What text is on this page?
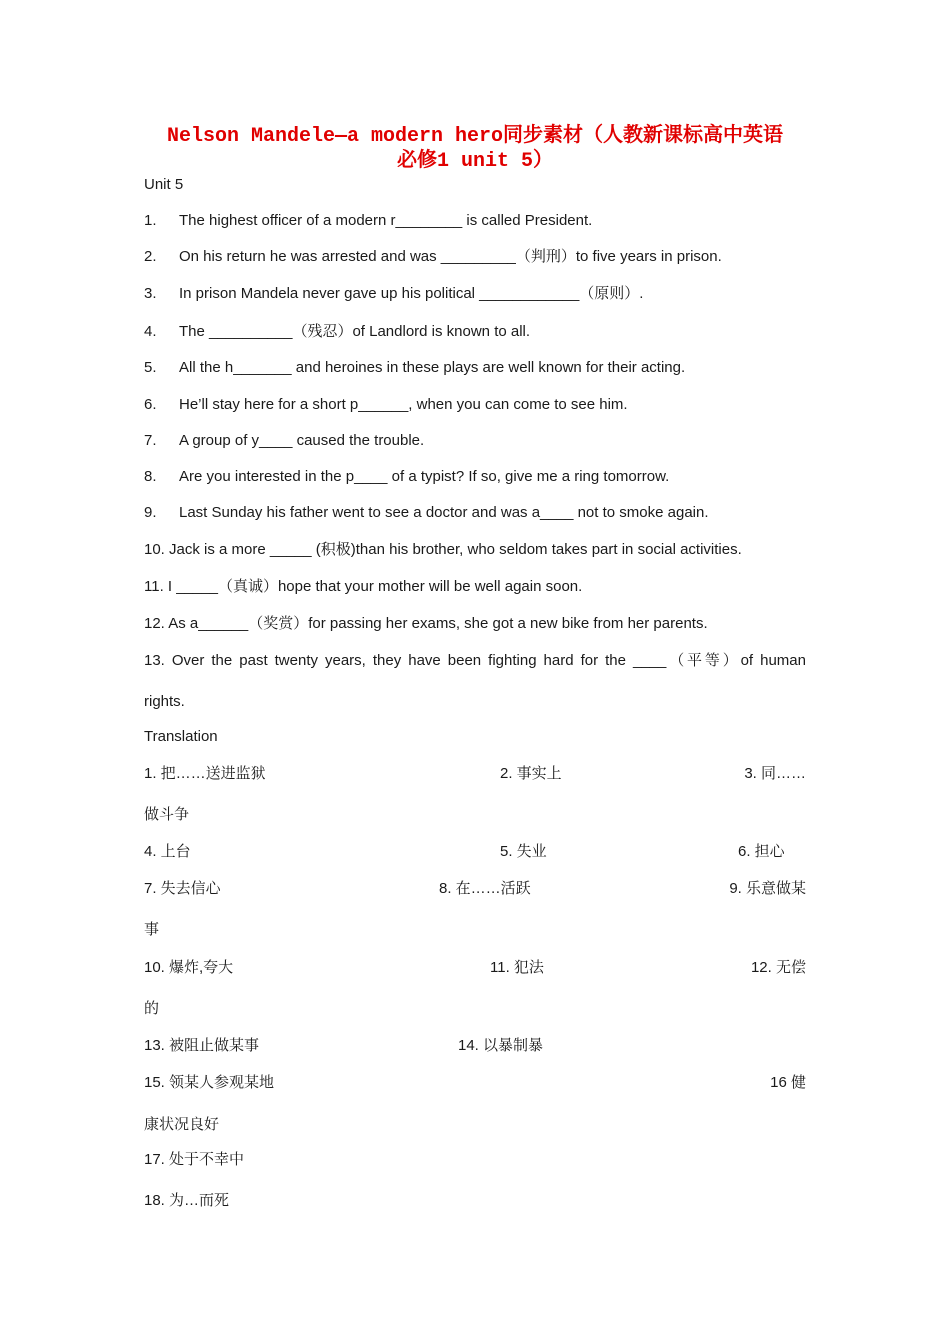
Nelson Mandele—a modern hero同步素材（人教新课标高中英语
必修1 unit 5）
Unit 5
1. The highest officer of a modern r________ is called President.
2. On his return he was arrested and was _________（判刑）to five years in prison.
3. In prison Mandela never gave up his political ____________（原则）.
4. The __________（残忍）of Landlord is known to all.
5. All the h_______ and heroines in these plays are well known for their acting.
6. He’ll stay here for a short p______, when you can come to see him.
7. A group of y____ caused the trouble.
8. Are you interested in the p____ of a typist? If so, give me a ring tomorrow.
9. Last Sunday his father went to see a doctor and was a____ not to smoke again.
10. Jack is a more _____ (积极)than his brother, who seldom takes part in social activities.
11. I _____（真诚）hope that your mother will be well again soon.
12. As a______（奖赏）for passing her exams, she got a new bike from her parents.
13. Over the past twenty years, they have been fighting hard for the ____（平等）of human
rights.
Translation
1. 把……送进监狱	2. 事实上	3. 同……
做斗争
4. 上台	5. 失业	6. 担心
7. 失去信心	8. 在……活跃	9. 乐意做某
事
10. 爆炸,夸大	11. 犯法	12. 无偿
的
13. 被阻止做某事	14. 以暴制暴
15. 领某人参观某地	16 健
康状况良好
17. 处于不幸中
18. 为…而死
